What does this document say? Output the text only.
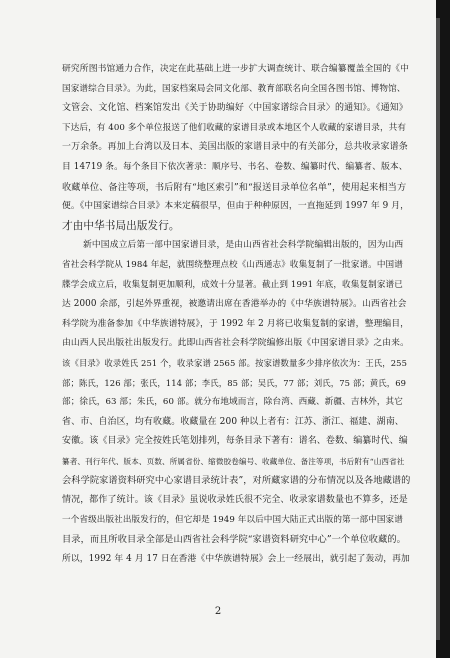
研究所图书馆通力合作，决定在此基础上进一步扩大调查统计、联合编纂覆盖全国的《中
国家谱综合目录》。为此，国家档案局会同文化部、教育部联名向全国各图书馆、博物馆、
文管会、文化馆、档案馆发出《关于协助编好〈中国家谱综合目录〉的通知》。《通知》
下达后，有 400 多个单位报送了他们收藏的家谱目录或本地区个人收藏的家谱目录，共有
一万余条。再加上台湾以及日本、美国出版的家谱目录中的有关部分，总共收录家谱条
目 14719 条。每个条目下依次著录：顺序号、书名、卷数、编纂时代、编纂者、版本、
收藏单位、备注等项，书后附有“地区索引”和“报送目录单位名单”，使用起来相当方
便。《中国家谱综合目录》本来定稿很早，但由于种种原因，一直拖延到 1997 年 9 月，
才由中华书局出版发行。
新中国成立后第一部中国家谱目录，是由山西省社会科学院编辑出版的，因为山西
省社会科学院从 1984 年起，就围绕整理点校《山西通志》收集复制了一批家谱。中国谱
牒学会成立后，收集复制更加顺利，成效十分显著。截止到 1991 年底，收集复制家谱已
达 2000 余部，引起外界重视，被邀请出席在香港举办的《中华族谱特展》。山西省社会
科学院为准备参加《中华族谱特展》，于 1992 年 2 月将已收集复制的家谱，整理编目，
由山西人民出版社出版发行。此即山西省社会科学院编修出版《中国家谱目录》之由来。
该《目录》收录姓氏 251 个，收录家谱 2565 部。按家谱数量多少排序依次为：王氏，255
部；陈氏，126 部；张氏，114 部；李氏，85 部；吴氏，77 部；刘氏，75 部；黄氏，69
部；徐氏，63 部；朱氏，60 部。就分布地域而言，除台湾、西藏、新疆、吉林外，其它
省、市、自治区，均有收藏。收藏量在 200 种以上者有：江苏、浙江、福建、湖南、
安徽。该《目录》完全按姓氏笔划排列，每条目录下著有：谱名、卷数、编纂时代、编
纂者、刊行年代、版本、页数、所属省份、缩微胶卷编号、收藏单位、备注等项，书后附有“山西省社
会科学院家谱资料研究中心家谱目录统计表”，对所藏家谱的分布情况以及各地藏谱的
情况，都作了统计。该《目录》虽说收录姓氏很不完全、收录家谱数量也不算多，还是
一个省级出版社出版发行的，但它却是 1949 年以后中国大陆正式出版的第一部中国家谱
目录，而且所收目录全部是山西省社会科学院“家谱资料研究中心”一个单位收藏的。
所以，1992 年 4 月 17 日在香港《中华族谱特展》会上一经展出，就引起了轰动，再加
2
